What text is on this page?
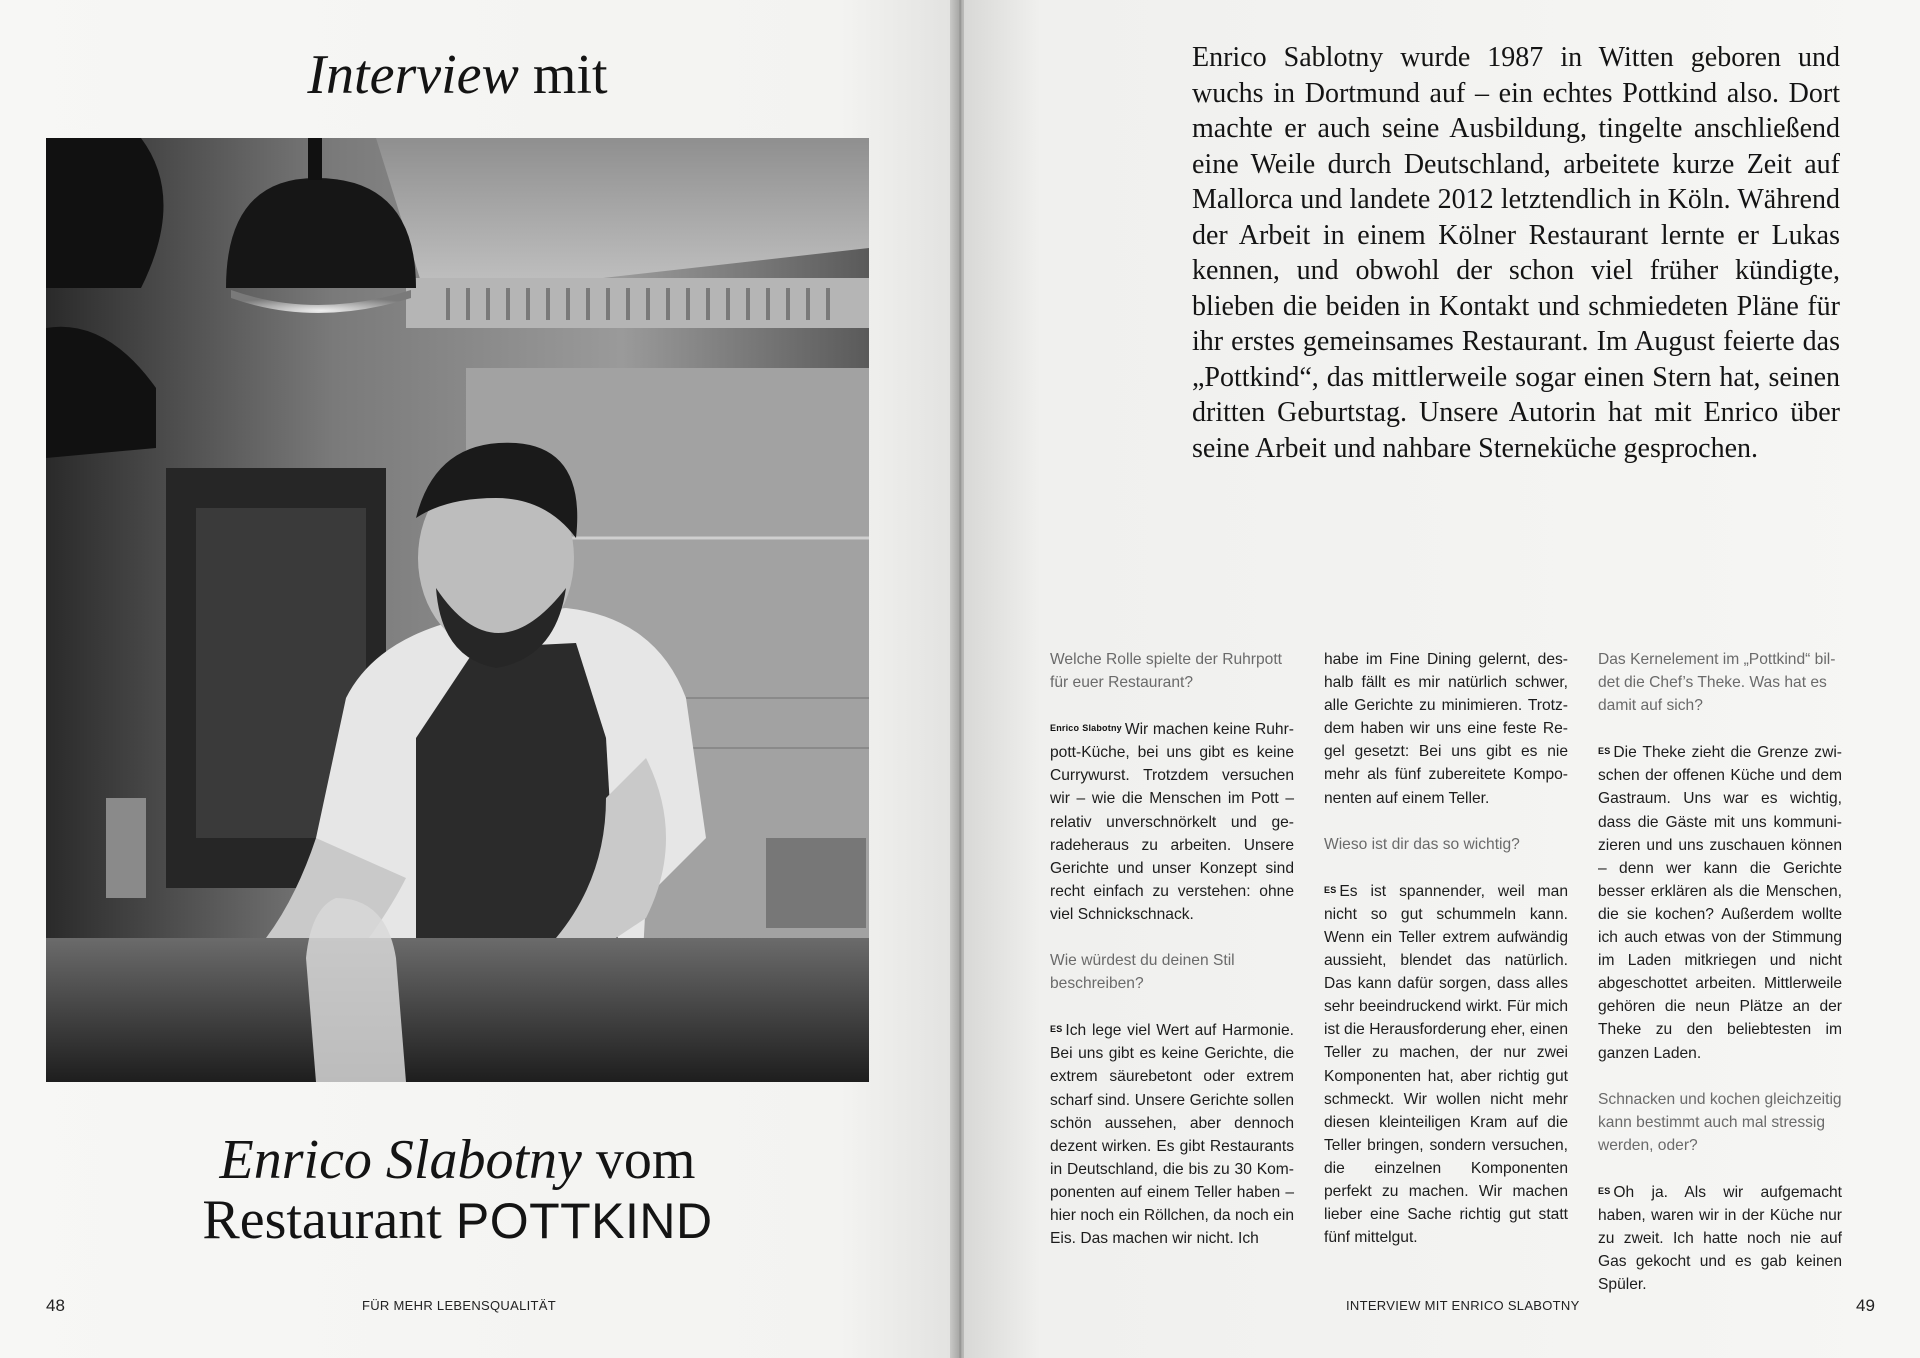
Interview mit
Enrico Slabotny vom
Restaurant POTTKIND
48	FÜR MEHR LEBENSQUALITÄT
Enrico Sablotny wurde 1987 in Witten geboren und wuchs in Dortmund auf – ein echtes Pottkind also. Dort machte er auch seine Ausbildung, tingelte anschließend eine Weile durch Deutschland, arbeitete kurze Zeit auf Mallorca und landete 2012 letztendlich in Köln. Während der Arbeit in einem Kölner Restaurant lernte er Lukas kennen, und obwohl der schon viel früher kündigte, blieben die beiden in Kontakt und schmiedeten Pläne für ihr erstes gemeinsames Restaurant. Im August feierte das „Pottkind“, das mittlerweile sogar einen Stern hat, seinen dritten Geburtstag. Unsere Autorin hat mit Enrico über seine Arbeit und nahbare Sterneküche gesprochen.

Welche Rolle spielte der Ruhrpott für euer Restaurant?

Enrico Slabotny Wir machen keine Ruhrpott-Küche, bei uns gibt es keine Currywurst. Trotzdem versuchen wir – wie die Menschen im Pott – relativ unverschnörkelt und geradeheraus zu arbeiten. Unsere Gerichte und unser Konzept sind recht einfach zu verstehen: ohne viel Schnickschnack.

Wie würdest du deinen Stil beschreiben?

ES Ich lege viel Wert auf Harmonie. Bei uns gibt es keine Gerichte, die extrem säurebetont oder extrem scharf sind. Unsere Gerichte sollen schön aussehen, aber dennoch dezent wirken. Es gibt Restaurants in Deutschland, die bis zu 30 Komponenten auf einem Teller haben – hier noch ein Röllchen, da noch ein Eis. Das machen wir nicht. Ich

habe im Fine Dining gelernt, deshalb fällt es mir natürlich schwer, alle Gerichte zu minimieren. Trotzdem haben wir uns eine feste Regel gesetzt: Bei uns gibt es nie mehr als fünf zubereitete Komponenten auf einem Teller.

Wieso ist dir das so wichtig?

ES Es ist spannender, weil man nicht so gut schummeln kann. Wenn ein Teller extrem aufwändig aussieht, blendet das natürlich. Das kann dafür sorgen, dass alles sehr beeindruckend wirkt. Für mich ist die Herausforderung eher, einen Teller zu machen, der nur zwei Komponenten hat, aber richtig gut schmeckt. Wir wollen nicht mehr diesen kleinteiligen Kram auf die Teller bringen, sondern versuchen, die einzelnen Komponenten perfekt zu machen. Wir machen lieber eine Sache richtig gut statt fünf mittelgut.

Das Kernelement im „Pottkind“ bildet die Chef’s Theke. Was hat es damit auf sich?

ES Die Theke zieht die Grenze zwischen der offenen Küche und dem Gastraum. Uns war es wichtig, dass die Gäste mit uns kommunizieren und uns zuschauen können – denn wer kann die Gerichte besser erklären als die Menschen, die sie kochen? Außerdem wollte ich auch etwas von der Stimmung im Laden mitkriegen und nicht abgeschottet arbeiten. Mittlerweile gehören die neun Plätze an der Theke zu den beliebtesten im ganzen Laden.

Schnacken und kochen gleichzeitig kann bestimmt auch mal stressig werden, oder?

ES Oh ja. Als wir aufgemacht haben, waren wir in der Küche nur zu zweit. Ich hatte noch nie auf Gas gekocht und es gab keinen Spüler.

INTERVIEW MIT ENRICO SLABOTNY	49
